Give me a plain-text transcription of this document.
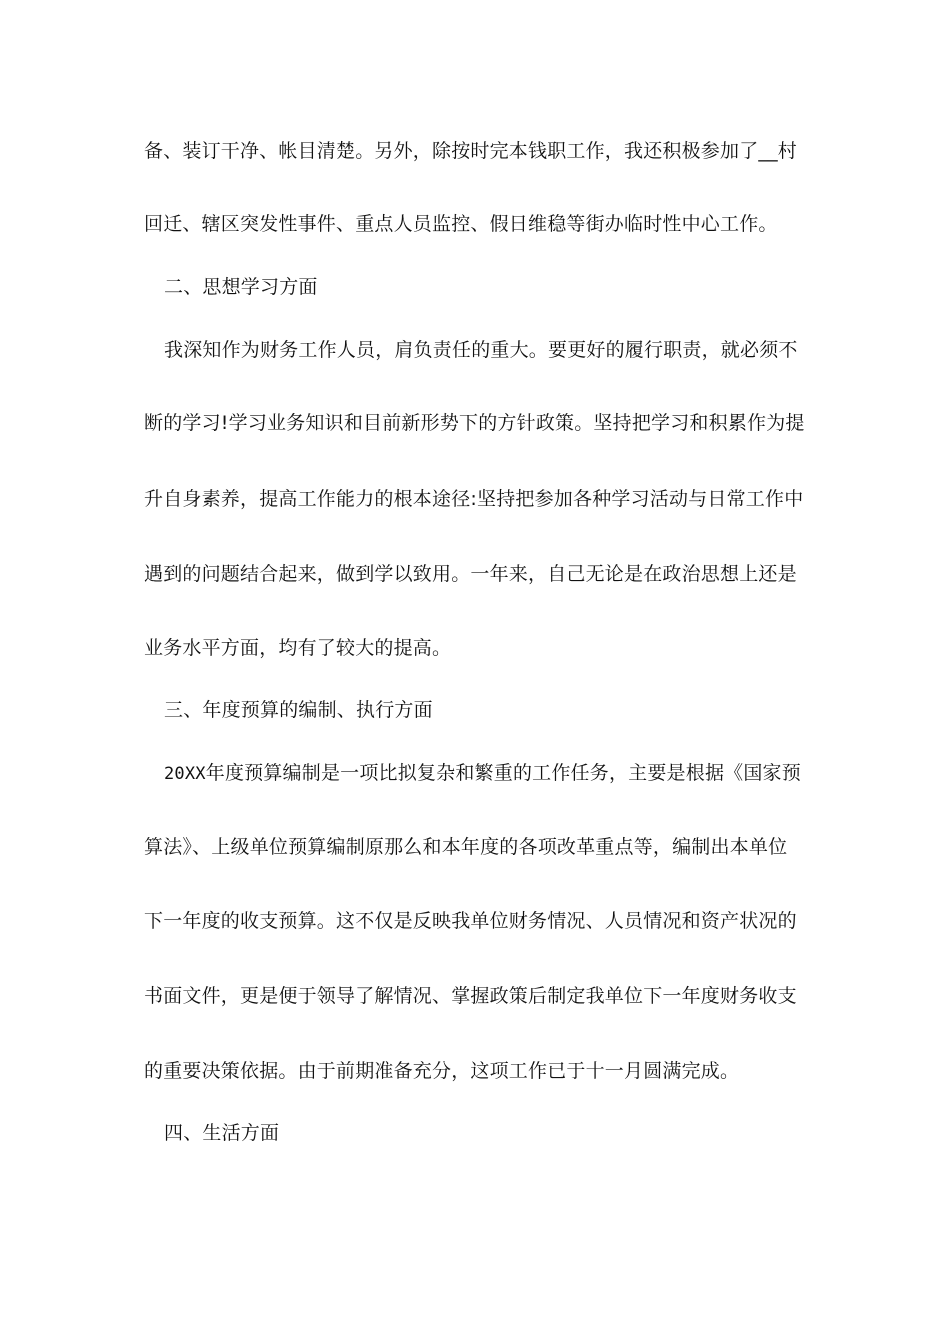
备、装订干净、帐目清楚。另外，除按时完本钱职工作，我还积极参加了__村
回迁、辖区突发性事件、重点人员监控、假日维稳等街办临时性中心工作。
二、思想学习方面
我深知作为财务工作人员，肩负责任的重大。要更好的履行职责，就必须不
断的学习!学习业务知识和目前新形势下的方针政策。坚持把学习和积累作为提
升自身素养，提高工作能力的根本途径:坚持把参加各种学习活动与日常工作中
遇到的问题结合起来，做到学以致用。一年来，自己无论是在政治思想上还是
业务水平方面，均有了较大的提高。
三、年度预算的编制、执行方面
20XX年度预算编制是一项比拟复杂和繁重的工作任务，主要是根据《国家预
算法》、上级单位预算编制原那么和本年度的各项改革重点等，编制出本单位
下一年度的收支预算。这不仅是反映我单位财务情况、人员情况和资产状况的
书面文件，更是便于领导了解情况、掌握政策后制定我单位下一年度财务收支
的重要决策依据。由于前期准备充分，这项工作已于十一月圆满完成。
四、生活方面
